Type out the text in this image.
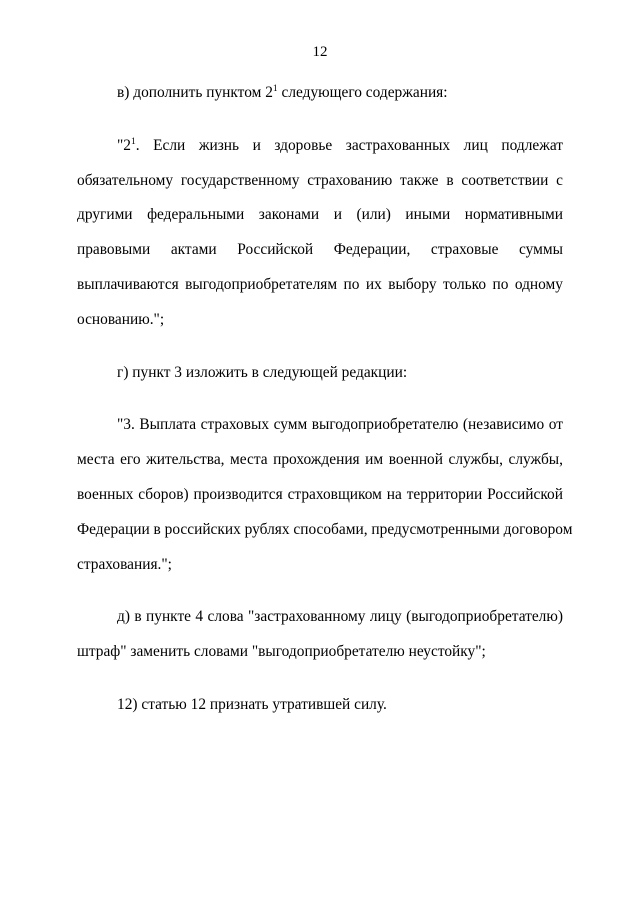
12

в) дополнить пунктом $2^1$ следующего содержания:

"$2^1$. Если жизнь и здоровье застрахованных лиц подлежат
обязательному государственному страхованию также в соответствии с
другими федеральными законами и (или) иными нормативными
правовыми актами Российской Федерации, страховые суммы
выплачиваются выгодоприобретателям по их выбору только по одному
основанию.";

г) пункт 3 изложить в следующей редакции:

"3. Выплата страховых сумм выгодоприобретателю (независимо от
места его жительства, места прохождения им военной службы, службы,
военных сборов) производится страховщиком на территории Российской
Федерации в российских рублях способами, предусмотренными договором
страхования.";
д) в пункте 4 слова "застрахованному лицу (выгодоприобретателю)
штраф" заменить словами "выгодоприобретателю неустойку";

12) статью 12 признать утратившей силу.
